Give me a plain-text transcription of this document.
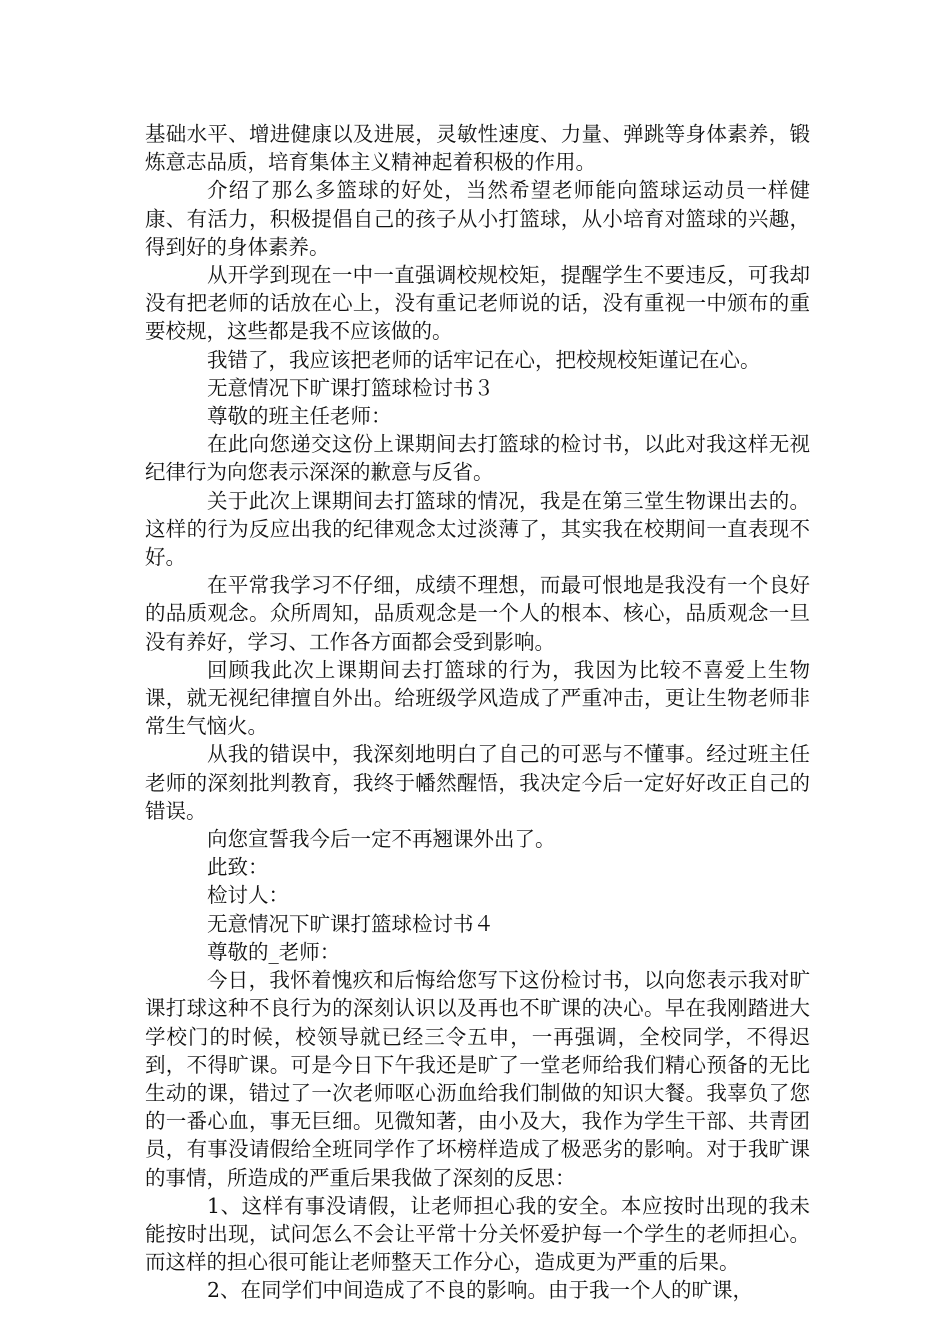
基础水平、增进健康以及进展，灵敏性速度、力量、弹跳等身体素养，锻炼意志品质，培育集体主义精神起着积极的作用。

介绍了那么多篮球的好处，当然希望老师能向篮球运动员一样健康、有活力，积极提倡自己的孩子从小打篮球，从小培育对篮球的兴趣，得到好的身体素养。

从开学到现在一中一直强调校规校矩，提醒学生不要违反，可我却没有把老师的话放在心上，没有重记老师说的话，没有重视一中颁布的重要校规，这些都是我不应该做的。

我错了，我应该把老师的话牢记在心，把校规校矩谨记在心。

无意情况下旷课打篮球检讨书３

尊敬的班主任老师：

在此向您递交这份上课期间去打篮球的检讨书，以此对我这样无视纪律行为向您表示深深的歉意与反省。

关于此次上课期间去打篮球的情况，我是在第三堂生物课出去的。这样的行为反应出我的纪律观念太过淡薄了，其实我在校期间一直表现不好。

在平常我学习不仔细，成绩不理想，而最可恨地是我没有一个良好的品质观念。众所周知，品质观念是一个人的根本、核心，品质观念一旦没有养好，学习、工作各方面都会受到影响。

回顾我此次上课期间去打篮球的行为，我因为比较不喜爱上生物课，就无视纪律擅自外出。给班级学风造成了严重冲击，更让生物老师非常生气恼火。

从我的错误中，我深刻地明白了自己的可恶与不懂事。经过班主任老师的深刻批判教育，我终于幡然醒悟，我决定今后一定好好改正自己的错误。

向您宣誓我今后一定不再翘课外出了。

此致：

检讨人：

无意情况下旷课打篮球检讨书４

尊敬的_老师：

今日，我怀着愧疚和后悔给您写下这份检讨书，以向您表示我对旷课打球这种不良行为的深刻认识以及再也不旷课的决心。早在我刚踏进大学校门的时候，校领导就已经三令五申，一再强调，全校同学，不得迟到，不得旷课。可是今日下午我还是旷了一堂老师给我们精心预备的无比生动的课，错过了一次老师呕心沥血给我们制做的知识大餐。我辜负了您的一番心血，事无巨细。见微知著，由小及大，我作为学生干部、共青团员，有事没请假给全班同学作了坏榜样造成了极恶劣的影响。对于我旷课的事情，所造成的严重后果我做了深刻的反思：

1、这样有事没请假，让老师担心我的安全。本应按时出现的我未能按时出现，试问怎么不会让平常十分关怀爱护每一个学生的老师担心。而这样的担心很可能让老师整天工作分心，造成更为严重的后果。

2、在同学们中间造成了不良的影响。由于我一个人的旷课，
